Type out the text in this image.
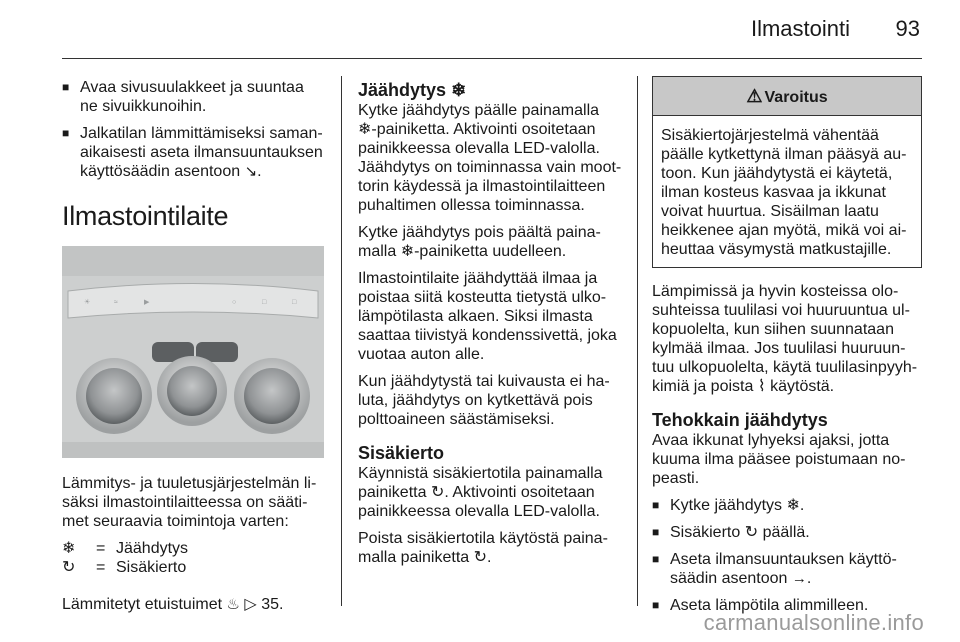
Ilmastointi 93
■ Avaa sivusuulakkeet ja suuntaa ne sivuikkunoihin.
■ Jalkatilan lämmittämiseksi saman-aikaisesti aseta ilmansuuntauksen käyttösäädin asentoon ↘.
Ilmastointilaite
☀	≈	▶	○	□	□
Lämmitys- ja tuuletusjärjestelmän li-säksi ilmastointilaitteessa on sääti-met seuraavia toimintoja varten:
❄	= Jäähdytys
↻	= Sisäkierto
Lämmitetyt etuistuimet ♨ ▷ 35.
Jäähdytys ❄
Kytke jäähdytys päälle painamalla ❄-painiketta. Aktivointi osoitetaan painikkeessa olevalla LED-valolla. Jäähdytys on toiminnassa vain moot-torin käydessä ja ilmastointilaitteen puhaltimen ollessa toiminnassa.
Kytke jäähdytys pois päältä paina-malla ❄-painiketta uudelleen.
Ilmastointilaite jäähdyttää ilmaa ja poistaa siitä kosteutta tietystä ulko-lämpötilasta alkaen. Siksi ilmasta saattaa tiivistyä kondenssivettä, joka vuotaa auton alle.
Kun jäähdytystä tai kuivausta ei ha-luta, jäähdytys on kytkettävä pois polttoaineen säästämiseksi.
Sisäkierto
Käynnistä sisäkiertotila painamalla painiketta ↻. Aktivointi osoitetaan painikkeessa olevalla LED-valolla.
Poista sisäkiertotila käytöstä paina-malla painiketta ↻.
⚠ Varoitus
Sisäkiertojärjestelmä vähentää päälle kytkettynä ilman pääsyä au-toon. Kun jäähdytystä ei käytetä, ilman kosteus kasvaa ja ikkunat voivat huurtua. Sisäilman laatu heikkenee ajan myötä, mikä voi ai-heuttaa väsymystä matkustajille.
Lämpimissä ja hyvin kosteissa olo-suhteissa tuulilasi voi huuruuntua ul-kopuolelta, kun siihen suunnataan kylmää ilmaa. Jos tuulilasi huuruun-tuu ulkopuolelta, käytä tuulilasinpyyh-kimiä ja poista ⌇ käytöstä.
Tehokkain jäähdytys
Avaa ikkunat lyhyeksi ajaksi, jotta kuuma ilma pääsee poistumaan no-peasti.
■ Kytke jäähdytys ❄.
■ Sisäkierto ↻ päällä.
■ Aseta ilmansuuntauksen käyttö-säädin asentoon →.
■ Aseta lämpötila alimmilleen.
carmanualsonline.info
